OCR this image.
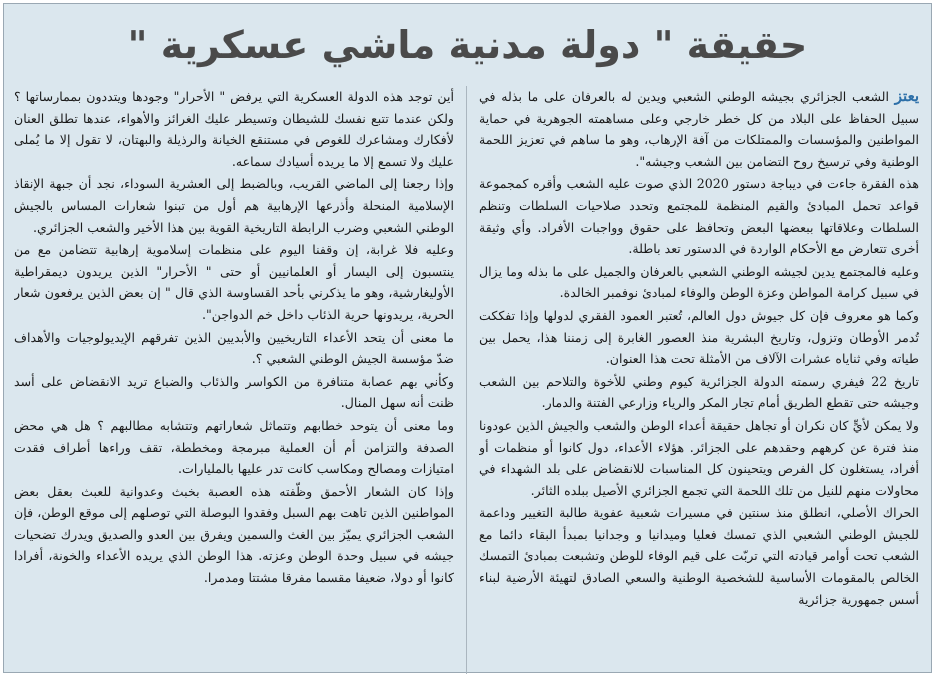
حقيقة " دولة مدنية ماشي عسكرية "

يعتز الشعب الجزائري بجيشه الوطني الشعبي ويدين له بالعرفان على ما بذله في سبيل الحفاظ على البلاد من كل خطر خارجي وعلى مساهمته الجوهرية في حماية المواطنين والمؤسسات والممتلكات من آفة الإرهاب، وهو ما ساهم في تعزيز اللحمة الوطنية وفي ترسيخ روح التضامن بين الشعب وجيشه".

هذه الفقرة جاءت في ديباجة دستور 2020 الذي صوت عليه الشعب وأقره كمجموعة قواعد تحمل المبادئ والقيم المنظمة للمجتمع وتحدد صلاحيات السلطات وتنظم السلطات وعلاقاتها ببعضها البعض وتحافظ على حقوق وواجبات الأفراد. وأي وثيقة أخرى تتعارض مع الأحكام الواردة في الدستور تعد باطلة.

وعليه فالمجتمع يدين لجيشه الوطني الشعبي بالعرفان والجميل على ما بذله وما يزال في سبيل كرامة المواطن وعزة الوطن والوفاء لمبادئ نوفمبر الخالدة.

وكما هو معروف فإن كل جيوش دول العالم، تُعتبر العمود الفقري لدولها وإذا تفككت تُدمر الأوطان وتزول، وتاريخ البشرية منذ العصور الغابرة إلى زمننا هذا، يحمل بين طياته وفي ثناياه عشرات الآلاف من الأمثلة تحت هذا العنوان.

تاريخ 22 فيفري رسمته الدولة الجزائرية كيوم وطني للأخوة والتلاحم بين الشعب وجيشه حتى تقطع الطريق أمام تجار المكر والرياء وزارعي الفتنة والدمار.

ولا يمكن لأيٍّ كان نكران أو تجاهل حقيقة أعداء الوطن والشعب والجيش الذين عودونا منذ فترة عن كرههم وحقدهم على الجزائر. هؤلاء الأعداء، دول كانوا أو منظمات أو أفراد، يستغلون كل الفرص ويتحينون كل المناسبات للانقضاض على بلد الشهداء في محاولات منهم للنيل من تلك اللحمة التي تجمع الجزائري الأصيل ببلده الثائر.

الحراك الأصلي، انطلق منذ سنتين في مسيرات شعبية عفوية طالبة التغيير وداعمة للجيش الوطني الشعبي الذي تمسك فعليا وميدانيا و وجدانيا بمبدأ البقاء دائما مع الشعب تحت أوامر قيادته التي تربّت على قيم الوفاء للوطن وتشبعت بمبادئ التمسك الخالص بالمقومات الأساسية للشخصية الوطنية والسعي الصادق لتهيئة الأرضية لبناء أسس جمهورية جزائرية

أين توجد هذه الدولة العسكرية التي يرفض " الأحرار" وجودها ويتددون بممارساتها ؟ ولكن عندما تتبع نفسك للشيطان وتسيطر عليك الغرائز والأهواء، عندها تطلق العنان لأفكارك ومشاعرك للغوص في مستنقع الخيانة والرذيلة والبهتان، لا تقول إلا ما يُملى عليك ولا تسمع إلا ما يريده أسيادك سماعه.

وإذا رجعنا إلى الماضي القريب، وبالضبط إلى العشرية السوداء، نجد أن جبهة الإنقاذ الإسلامية المنحلة وأذرعها الإرهابية هم أول من تبنوا شعارات المساس بالجيش الوطني الشعبي وضرب الرابطة التاريخية القوية بين هذا الأخير والشعب الجزائري.

وعليه فلا غرابة، إن وقفنا اليوم على منظمات إسلاموية إرهابية تتضامن مع من ينتسبون إلى اليسار أو العلمانيين أو حتى " الأحرار" الذين يريدون ديمقراطية الأوليغارشية، وهو ما يذكرني بأحد القساوسة الذي قال " إن بعض الذين يرفعون شعار الحرية، يريدونها حرية الذئاب داخل خم الدواجن".

ما معنى أن يتحد الأعداء التاريخيين والأبديين الذين تفرقهم الإيديولوجيات والأهداف ضدّ مؤسسة الجيش الوطني الشعبي ؟.

وكأني بهم عصابة متنافرة من الكواسر والذئاب والضباع تريد الانقضاض على أسد ظنت أنه سهل المنال.

وما معنى أن يتوحد خطابهم وتتماثل شعاراتهم وتتشابه مطالبهم ؟ هل هي محض الصدفة والتزامن أم أن العملية مبرمجة ومخططة، تقف وراءها أطراف فقدت امتيازات ومصالح ومكاسب كانت تدر عليها بالمليارات.

وإذا كان الشعار الأحمق وظّفته هذه العصبة بخبث وعدوانية للعبث بعقل بعض المواطنين الذين تاهت بهم السبل وفقدوا البوصلة التي توصلهم إلى موقع الوطن، فإن الشعب الجزائري يميّز بين الغث والسمين ويفرق بين العدو والصديق ويدرك تضحيات جيشه في سبيل وحدة الوطن وعزته. هذا الوطن الذي يريده الأعداء والخونة، أفرادا كانوا أو دولا، ضعيفا مقسما مفرقا مشتتا ومدمرا.
